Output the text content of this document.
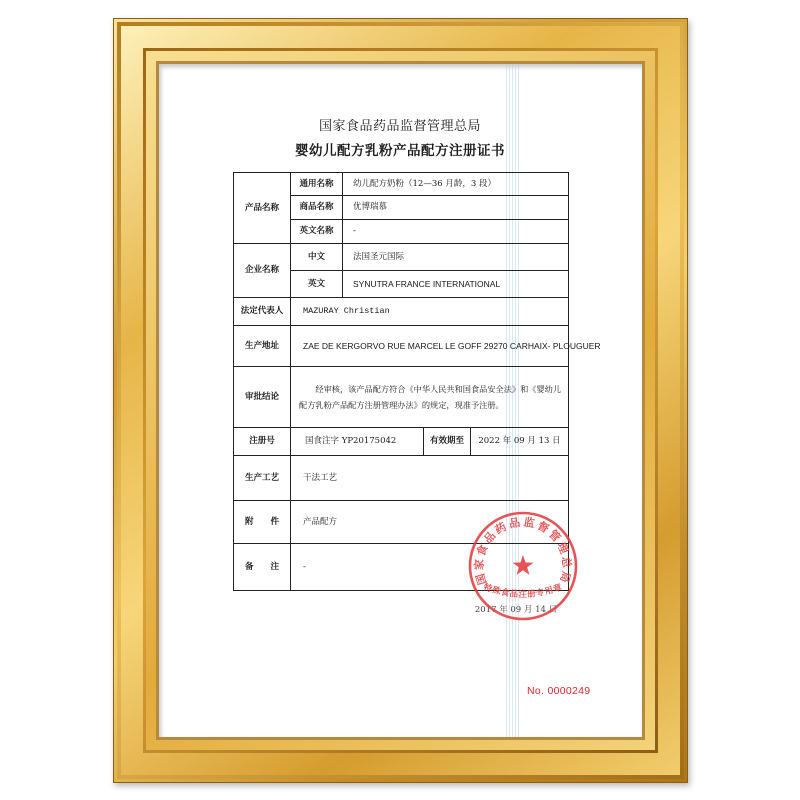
国家食品药品监督管理总局
婴幼儿配方乳粉产品配方注册证书
产品名称	通用名称	幼儿配方奶粉（12—36 月龄，3 段）		
	商品名称	优博瑞慕		
	英文名称	-		
企业名称	中文	法国圣元国际		
	英文	SYNUTRA FRANCE INTERNATIONAL		
法定代表人	MAZURAY Christian			
生产地址	ZAE DE KERGORVO RUE MARCEL LE GOFF 29270 CARHAIX- PLOUGUER			
审批结论	经审核，该产品配方符合《中华人民共和国食品安全法》和《婴幼儿配方乳粉产品配方注册管理办法》的规定，现准予注册。			
注册号	国食注字 YP20175042		有效期至	2022 年 09 月 13 日
生产工艺	干法工艺			
附　　件	产品配方			
备　　注	-			
2017 年 09 月 14 日
国家食品药品监督管理总局
特殊食品注册专用章
No. 0000249
